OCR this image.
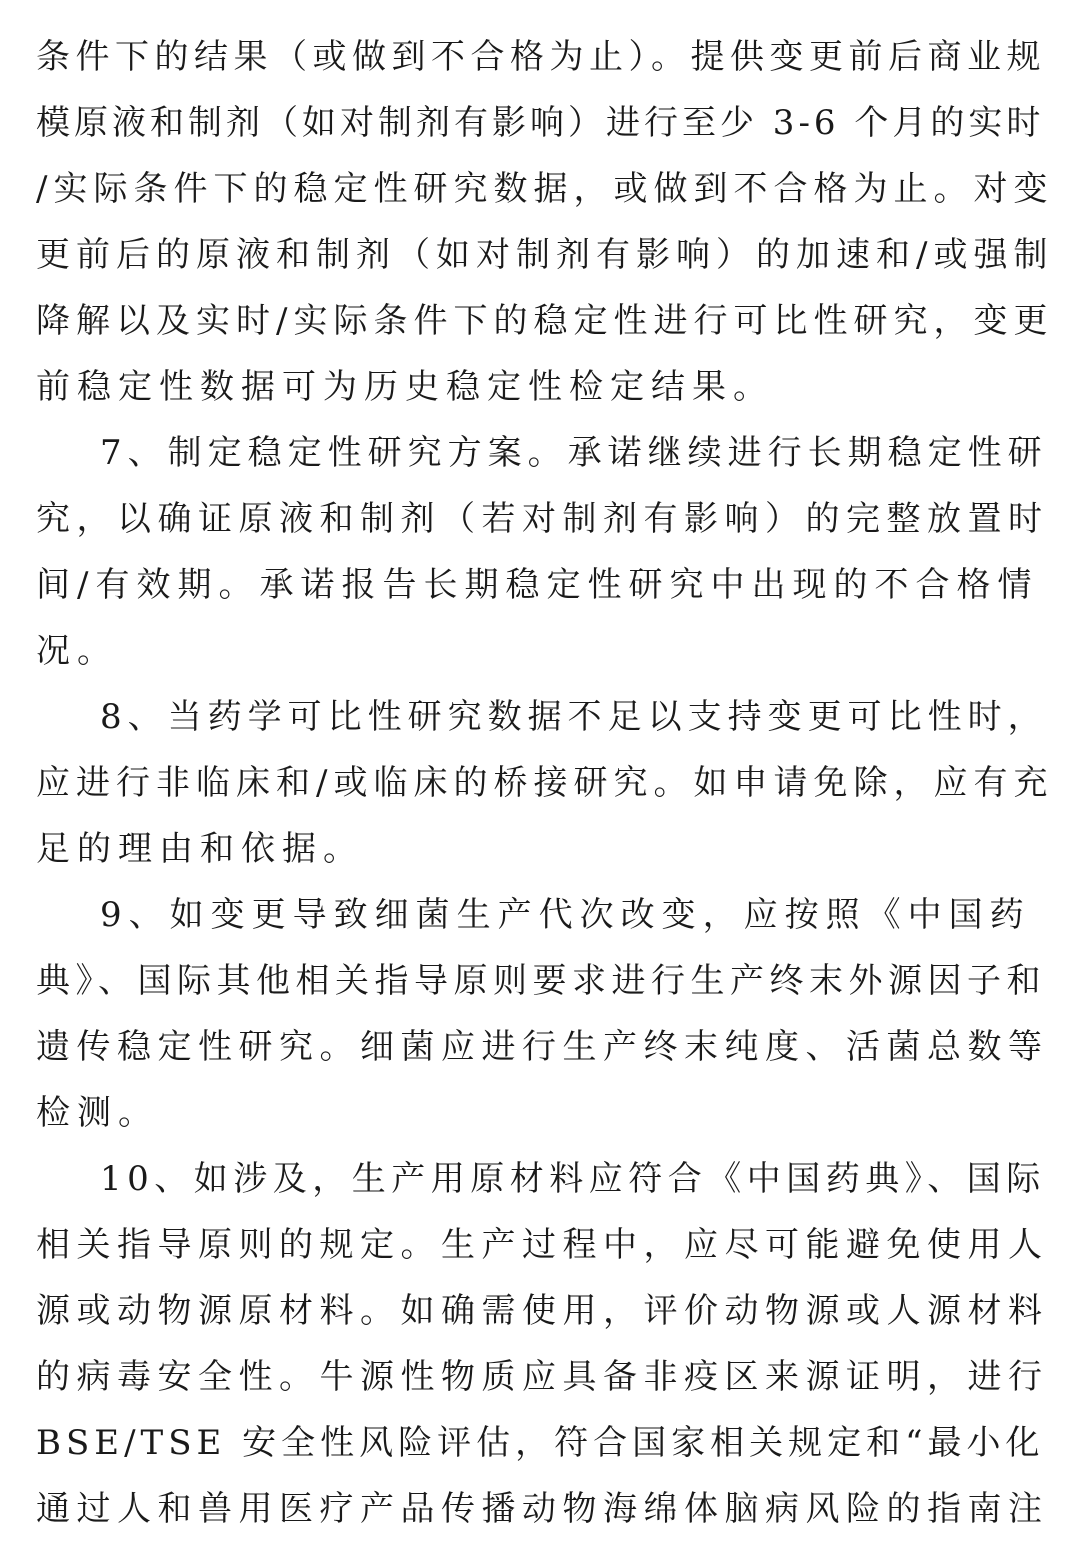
条件下的结果（或做到不合格为止）。提供变更前后商业规
模原液和制剂（如对制剂有影响）进行至少 3-6 个月的实时
/实际条件下的稳定性研究数据，或做到不合格为止。对变
更前后的原液和制剂（如对制剂有影响）的加速和/或强制
降解以及实时/实际条件下的稳定性进行可比性研究，变更
前稳定性数据可为历史稳定性检定结果。
7、制定稳定性研究方案。承诺继续进行长期稳定性研
究，以确证原液和制剂（若对制剂有影响）的完整放置时
间/有效期。承诺报告长期稳定性研究中出现的不合格情
况。
8、当药学可比性研究数据不足以支持变更可比性时，
应进行非临床和/或临床的桥接研究。如申请免除，应有充
足的理由和依据。
9、如变更导致细菌生产代次改变，应按照《中国药
典》、国际其他相关指导原则要求进行生产终末外源因子和
遗传稳定性研究。细菌应进行生产终末纯度、活菌总数等
检测。
10、如涉及，生产用原材料应符合《中国药典》、国际
相关指导原则的规定。生产过程中，应尽可能避免使用人
源或动物源原材料。如确需使用，评价动物源或人源材料
的病毒安全性。牛源性物质应具备非疫区来源证明，进行
BSE/TSE 安全性风险评估，符合国家相关规定和“最小化
通过人和兽用医疗产品传播动物海绵体脑病风险的指南注
